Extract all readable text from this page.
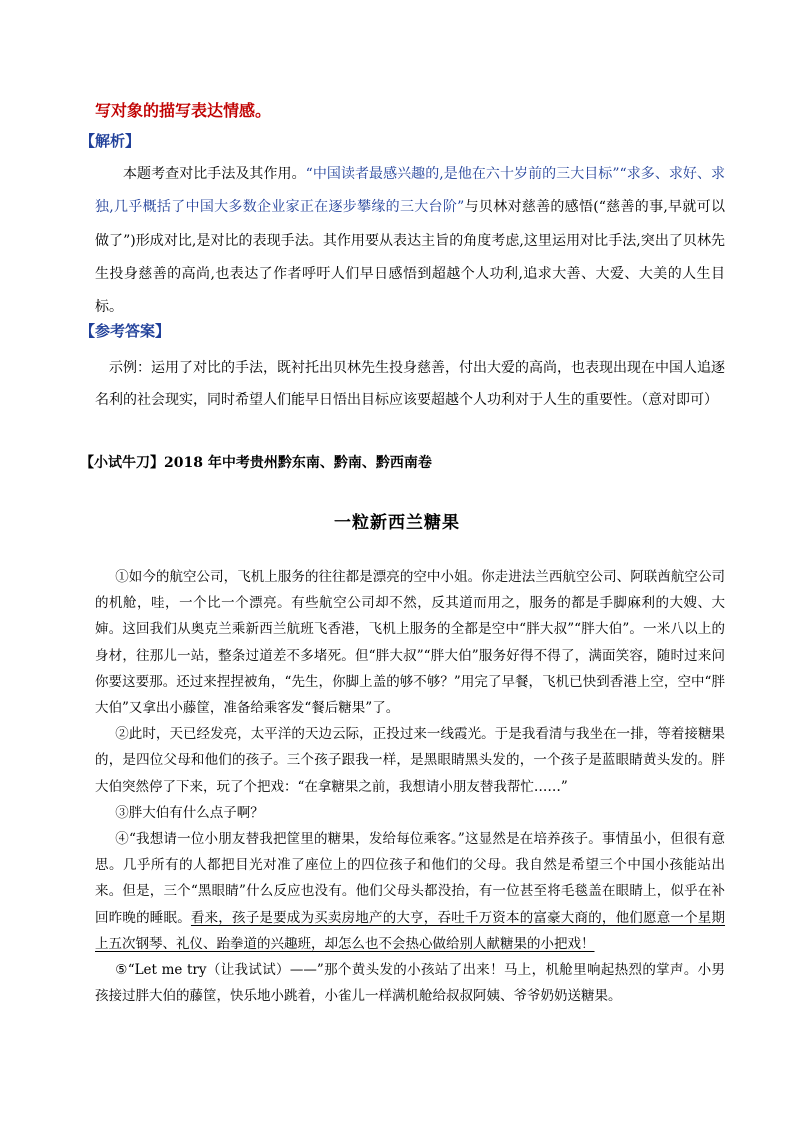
写对象的描写表达情感。
【解析】
本题考查对比手法及其作用。“中国读者最感兴趣的,是他在六十岁前的三大目标”“求多、求好、求独,几乎概括了中国大多数企业家正在逐步攀缘的三大台阶”与贝林对慈善的感悟(“慈善的事,早就可以做了”)形成对比,是对比的表现手法。其作用要从表达主旨的角度考虑,这里运用对比手法,突出了贝林先生投身慈善的高尚,也表达了作者呼吁人们早日感悟到超越个人功利,追求大善、大爱、大美的人生目标。
【参考答案】
示例：运用了对比的手法，既衬托出贝林先生投身慈善，付出大爱的高尚，也表现出现在中国人追逐名利的社会现实，同时希望人们能早日悟出目标应该要超越个人功利对于人生的重要性。（意对即可）
【小试牛刀】2018 年中考贵州黔东南、黔南、黔西南卷
一粒新西兰糖果

①如今的航空公司，飞机上服务的往往都是漂亮的空中小姐。你走进法兰西航空公司、阿联酋航空公司的机舱，哇，一个比一个漂亮。有些航空公司却不然，反其道而用之，服务的都是手脚麻利的大嫂、大婶。这回我们从奥克兰乘新西兰航班飞香港，飞机上服务的全都是空中“胖大叔”“胖大伯”。一米八以上的身材，往那儿一站，整条过道差不多堵死。但“胖大叔”“胖大伯”服务好得不得了，满面笑容，随时过来问你要这要那。还过来捏捏被角，“先生，你脚上盖的够不够？”用完了早餐，飞机已快到香港上空，空中“胖大伯”又拿出小藤筐，准备给乘客发“餐后糖果”了。

②此时，天已经发亮，太平洋的天边云际，正投过来一线霞光。于是我看清与我坐在一排，等着接糖果的，是四位父母和他们的孩子。三个孩子跟我一样，是黑眼睛黑头发的，一个孩子是蓝眼睛黄头发的。胖大伯突然停了下来，玩了个把戏：“在拿糖果之前，我想请小朋友替我帮忙……”

③胖大伯有什么点子啊？

④“我想请一位小朋友替我把筐里的糖果，发给每位乘客。”这显然是在培养孩子。事情虽小，但很有意思。几乎所有的人都把目光对准了座位上的四位孩子和他们的父母。我自然是希望三个中国小孩能站出来。但是，三个“黑眼睛”什么反应也没有。他们父母头都没抬，有一位甚至将毛毯盖在眼睛上，似乎在补回昨晚的睡眠。看来，孩子是要成为买卖房地产的大亨，吞吐千万资本的富豪大商的，他们愿意一个星期上五次钢琴、礼仪、跆拳道的兴趣班，却怎么也不会热心做给别人献糖果的小把戏！

⑤“Let me try（让我试试）——”那个黄头发的小孩站了出来！马上，机舱里响起热烈的掌声。小男孩接过胖大伯的藤筐，快乐地小跳着，小雀儿一样满机舱给叔叔阿姨、爷爷奶奶送糖果。
